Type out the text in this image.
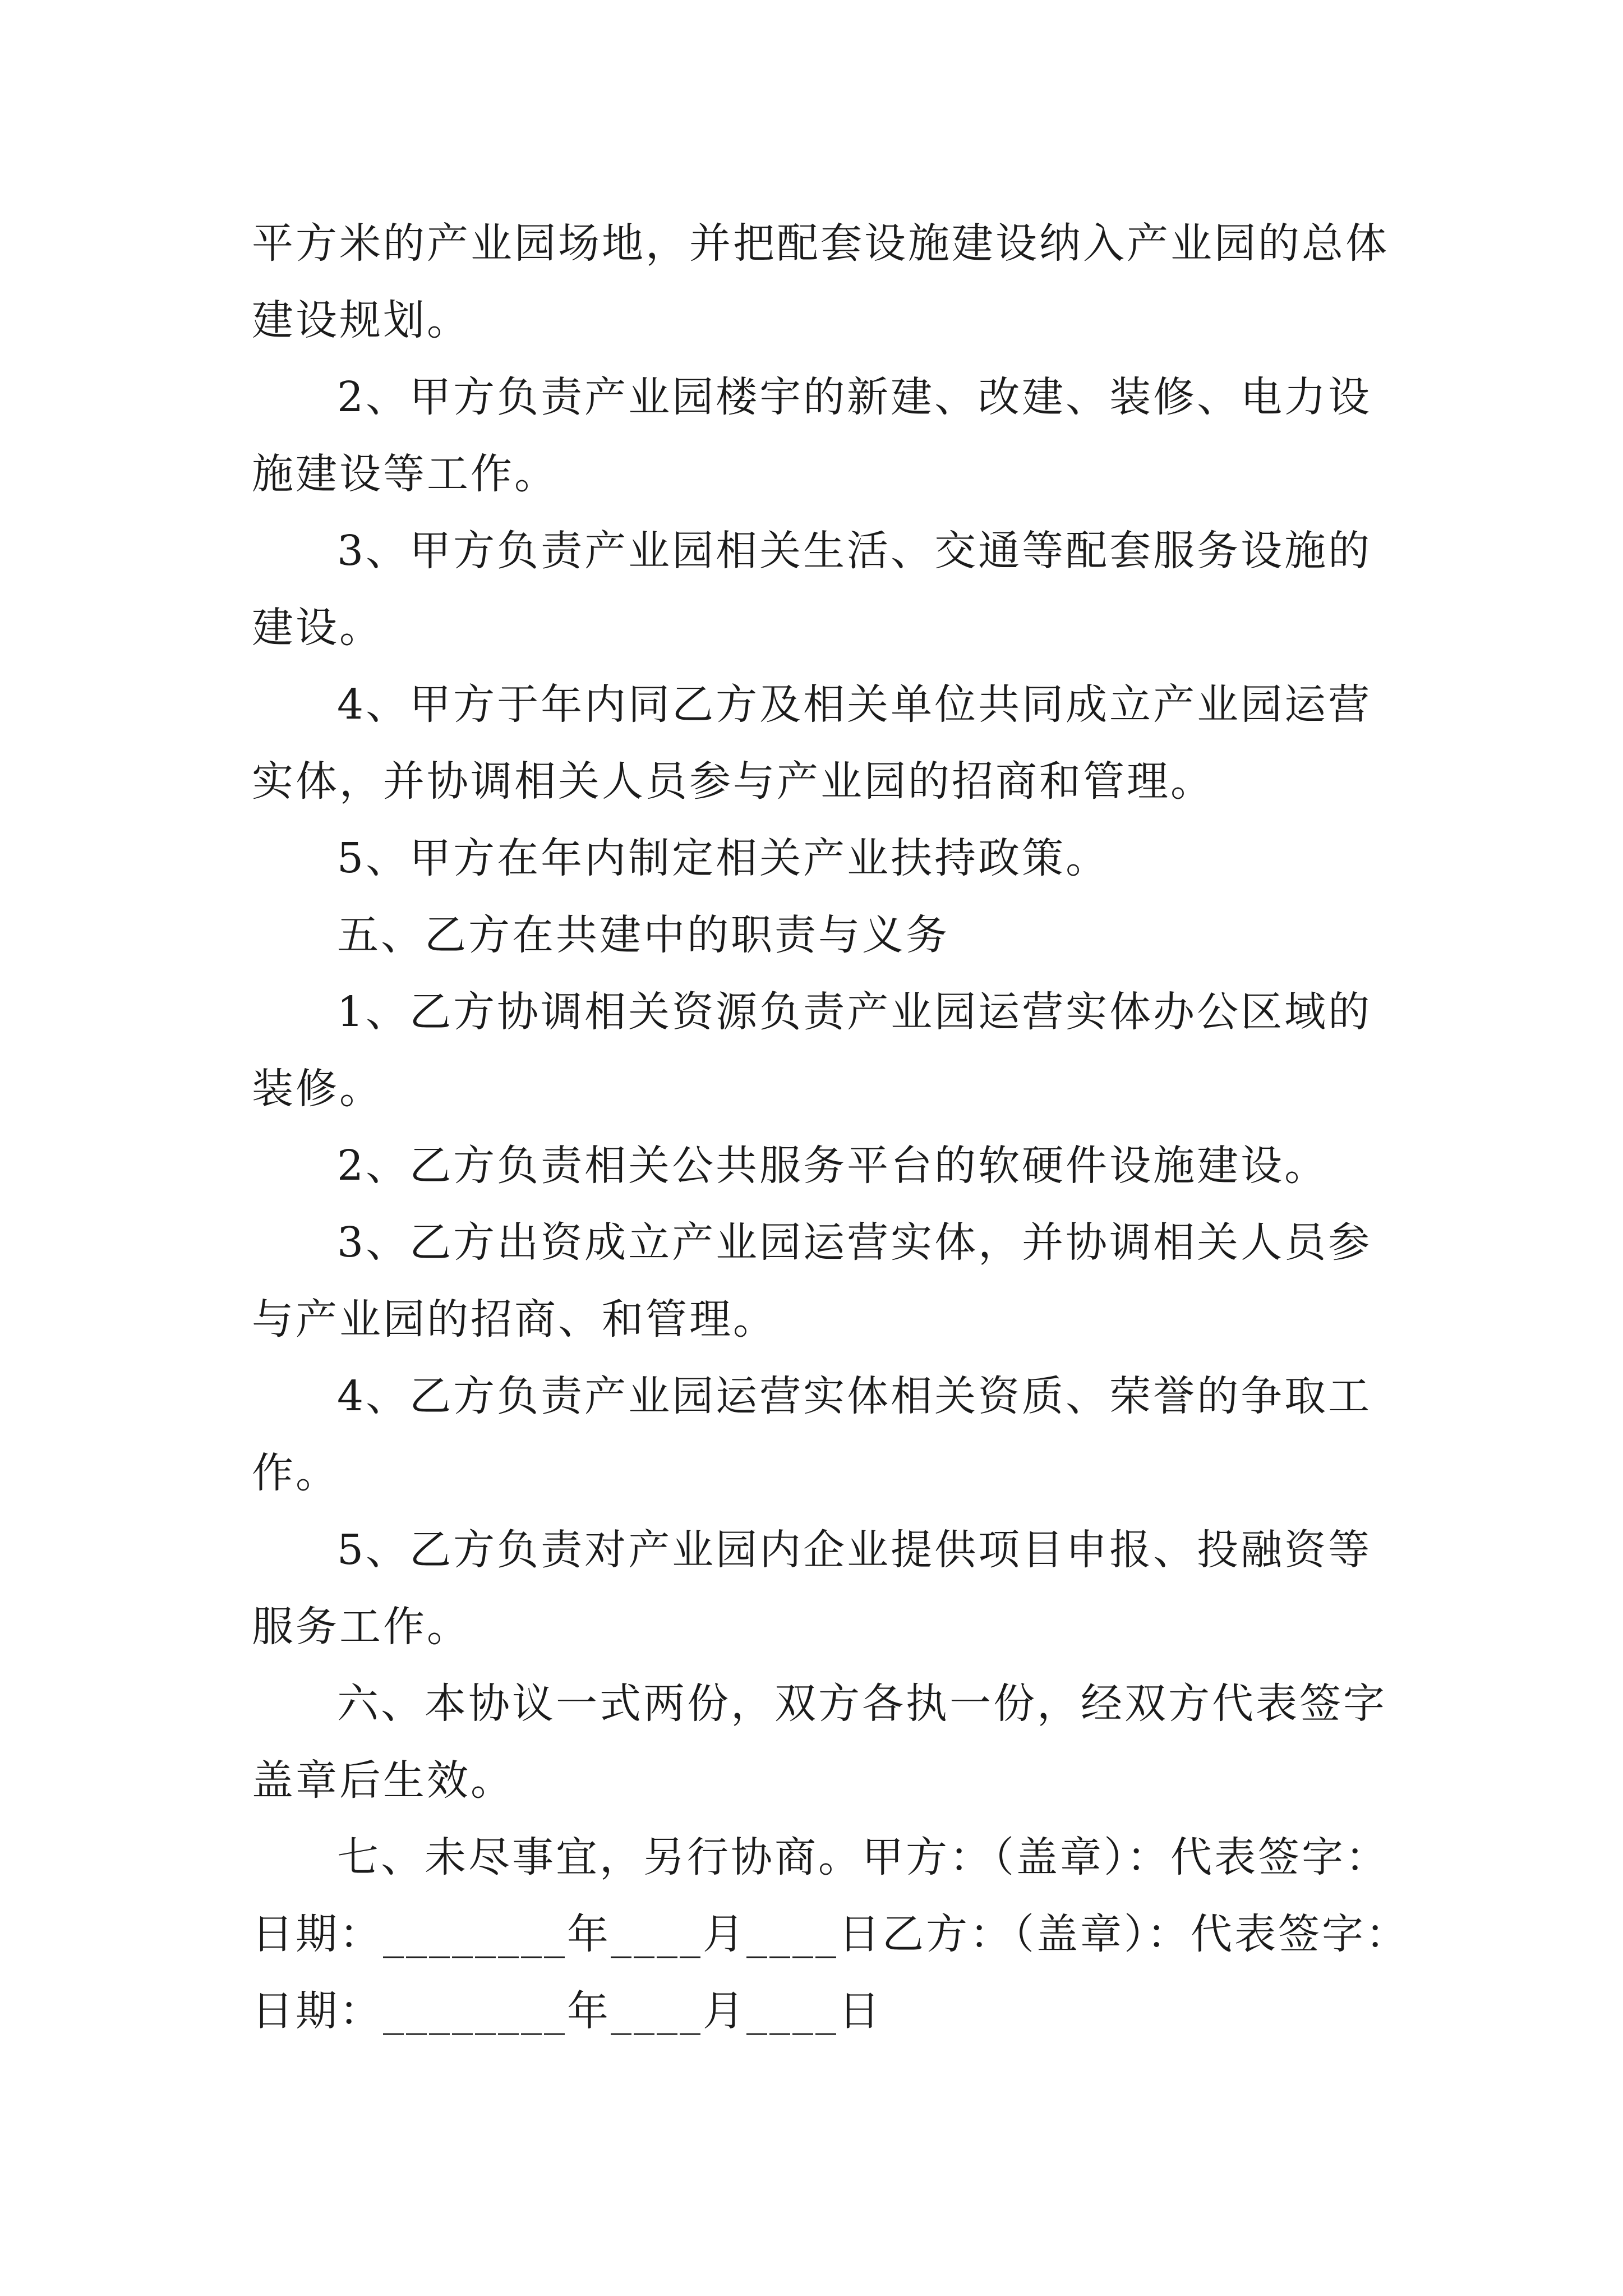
平方米的产业园场地，并把配套设施建设纳入产业园的总体
建设规划。
2、甲方负责产业园楼宇的新建、改建、装修、电力设
施建设等工作。
3、甲方负责产业园相关生活、交通等配套服务设施的
建设。
4、甲方于年内同乙方及相关单位共同成立产业园运营
实体，并协调相关人员参与产业园的招商和管理。
5、甲方在年内制定相关产业扶持政策。
五、乙方在共建中的职责与义务
1、乙方协调相关资源负责产业园运营实体办公区域的
装修。
2、乙方负责相关公共服务平台的软硬件设施建设。
3、乙方出资成立产业园运营实体，并协调相关人员参
与产业园的招商、和管理。
4、乙方负责产业园运营实体相关资质、荣誉的争取工
作。
5、乙方负责对产业园内企业提供项目申报、投融资等
服务工作。
六、本协议一式两份，双方各执一份，经双方代表签字
盖章后生效。
七、未尽事宜，另行协商。甲方：（盖章）：代表签字：
日期：________年____月____日乙方：（盖章）：代表签字：
日期：________年____月____日
